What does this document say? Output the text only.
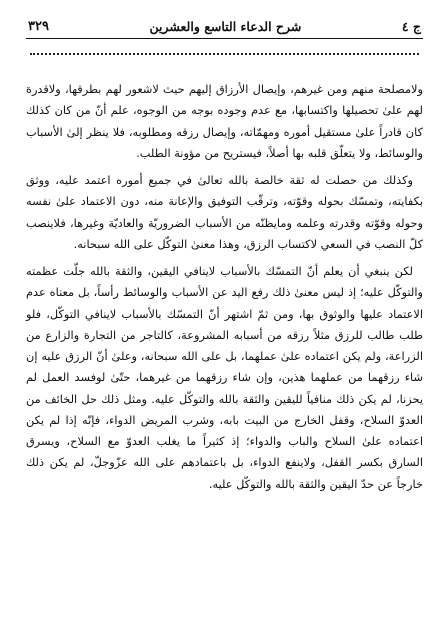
ج ٤
شرح الدعاء التاسع والعشرين
٣٢٩

ولامصلحة منهم ومن غيرهم، وإيصال الأرزاق إليهم حيث لاشعور لهم بطرقها، ولاقدرة لهم علىٰ تحصيلها واكتسابها، مع عدم وجوده بوجه من الوجوه، علم أنّ من كان كذلك كان قادراً علىٰ مستقيل أموره ومهمّاته، وإيصال رزقه ومطلوبه، فلا ينظر إلىٰ الأسباب والوسائط، ولا يتعلّق قلبه بها أصلاً، فيستريح من مؤونة الطلب.

وكذلك من حصلت له ثقة خالصة بالله تعالىٰ في جميع أموره اعتمد عليه، ووثق بكفايته، وتمسّك بحوله وقوّته، وترقّب التوفيق والإعانة منه، دون الاعتماد علىٰ نفسه وحوله وقوّته وقدرته وعلمه ومايظنّه من الأسباب الضروريّة والعاديّة وغيرها، فلاينصب كلّ النصب في السعي لاكتساب الرزق، وهذا معنىٰ التوكّل على الله سبحانه.

لكن ينبغي أن يعلم أنّ التمسّك بالأسباب لاينافي اليقين، والثقة بالله جلّت عظمته والتوكّل عليه؛ إذ ليس معنىٰ ذلك رفع اليد عن الأسباب والوسائط رأساً، بل معناه عدم الاعتماد عليها والوثوق بها، ومن ثمّ اشتهر أنّ التمسّك بالأسباب لاينافي التوكّل، فلو طلب طالب للرزق مثلاً رزقه من أسبابه المشروعة، كالتاجر من التجارة والزارع من الزراعة، ولم يكن اعتماده علىٰ عملهما، بل على الله سبحانه، وعلىٰ أنّ الرزق عليه إن شاء رزقهما من عملهما هذين، وإن شاء رزقهما من غيرهما، حتّىٰ لوفسد العمل لم يحزنا، لم يكن ذلك منافياً لليقين والثقة بالله والتوكّل عليه. ومثل ذلك حل الخائف من العدوّ السلاح، وقفل الخارج من البيت بابه، وشرب المريض الدواء، فإنّه إذا لم يكن اعتماده علىٰ السلاح والباب والدواء؛ إذ كثيراً ما يغلب العدوّ مع السلاح، ويسرق السارق بكسر القفل، ولاينفع الدواء، بل باعتمادهم على الله عزّوجلّ، لم يكن ذلك خارجاً عن حدّ اليقين والثقة بالله والتوكّل عليه.
